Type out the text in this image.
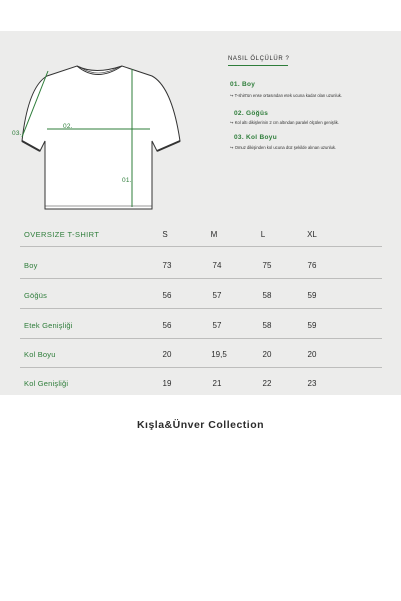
01.
02.
03.
NASIL ÖLÇÜLÜR ?
01. Boy
↪ T-shirt'ün ense ortasından etek ucuna kadar olan uzunluk.
02. Göğüs
↪ Kol altı dikişlerinin 2 cm altından paralel ölçülen genişlik.
03. Kol Boyu
↪ Omuz dikişinden kol ucuna düz şekilde alınan uzunluk.
OVERSIZE T-SHIRT	S	M	L	XL
Boy	73	74	75	76
Göğüs	56	57	58	59
Etek Genişliği	56	57	58	59
Kol Boyu	20	19,5	20	20
Kol Genişliği	19	21	22	23
Kışla&Ünver Collection
